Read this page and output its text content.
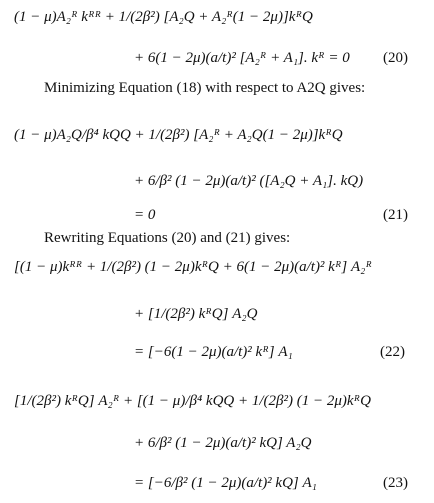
(1 − μ)A₂ᴿ kᴿᴿ + 1/(2β²) [A₂Q + A₂ᴿ(1 − 2μ)]kᴿQ
+ 6(1 − 2μ)(a/t)² [A₂ᴿ + A₁]. kᴿ = 0 (20)
Minimizing Equation (18) with respect to A2Q gives:
(1 − μ)A₂Q/β⁴ kQQ + 1/(2β²) [A₂ᴿ + A₂Q(1 − 2μ)]kᴿQ
+ 6/β² (1 − 2μ)(a/t)² ([A₂Q + A₁]. kQ)
= 0	(21)
Rewriting Equations (20) and (21) gives:
[(1 − μ)kᴿᴿ + 1/(2β²) (1 − 2μ)kᴿQ + 6(1 − 2μ)(a/t)² kᴿ] A₂ᴿ
+ [1/(2β²) kᴿQ] A₂Q
= [−6(1 − 2μ)(a/t)² kᴿ] A₁	(22)
[1/(2β²) kᴿQ] A₂ᴿ + [(1 − μ)/β⁴ kQQ + 1/(2β²) (1 − 2μ)kᴿQ
+ 6/β² (1 − 2μ)(a/t)² kQ] A₂Q
= [−6/β² (1 − 2μ)(a/t)² kQ] A₁	(23)
